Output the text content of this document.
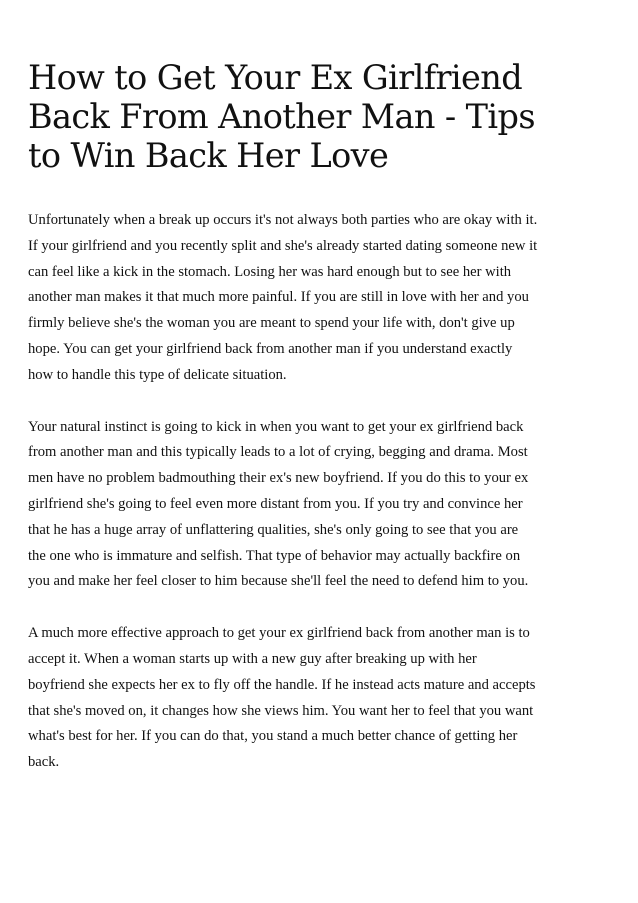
How to Get Your Ex Girlfriend
Back From Another Man - Tips
to Win Back Her Love

Unfortunately when a break up occurs it's not always both parties who are okay with it.
If your girlfriend and you recently split and she's already started dating someone new it
can feel like a kick in the stomach. Losing her was hard enough but to see her with
another man makes it that much more painful. If you are still in love with her and you
firmly believe she's the woman you are meant to spend your life with, don't give up
hope. You can get your girlfriend back from another man if you understand exactly
how to handle this type of delicate situation.

Your natural instinct is going to kick in when you want to get your ex girlfriend back
from another man and this typically leads to a lot of crying, begging and drama. Most
men have no problem badmouthing their ex's new boyfriend. If you do this to your ex
girlfriend she's going to feel even more distant from you. If you try and convince her
that he has a huge array of unflattering qualities, she's only going to see that you are
the one who is immature and selfish. That type of behavior may actually backfire on
you and make her feel closer to him because she'll feel the need to defend him to you.

A much more effective approach to get your ex girlfriend back from another man is to
accept it. When a woman starts up with a new guy after breaking up with her
boyfriend she expects her ex to fly off the handle. If he instead acts mature and accepts
that she's moved on, it changes how she views him. You want her to feel that you want
what's best for her. If you can do that, you stand a much better chance of getting her
back.
